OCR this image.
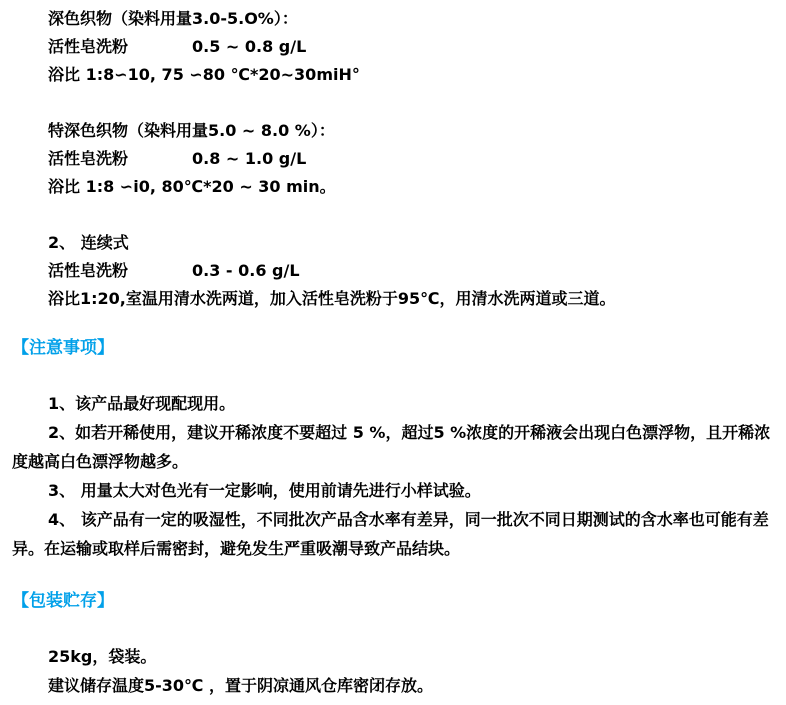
深色织物（染料用量3.0-5.O%）：
活性皂洗粉	0.5 ~ 0.8 g/L
浴比 1:8∽10, 75 ∽80 ℃*20~30miH°
特深色织物（染料用量5.0 ~ 8.0 %）：
活性皂洗粉	0.8 ~ 1.0 g/L
浴比 1:8 ∽i0, 80℃*20 ~ 30 min。
2、 连续式
活性皂洗粉	0.3 - 0.6 g/L
浴比1:20,室温用清水洗两道，加入活性皂洗粉于95℃，用清水洗两道或三道。
【注意事项】
1、该产品最好现配现用。
2、如若开稀使用，建议开稀浓度不要超过 5 %，超过5 %浓度的开稀液会出现白色漂浮物，且开稀浓度越高白色漂浮物越多。
3、 用量太大对色光有一定影响，使用前请先进行小样试验。
4、 该产品有一定的吸湿性，不同批次产品含水率有差异，同一批次不同日期测试的含水率也可能有差异。在运输或取样后需密封，避免发生严重吸潮导致产品结块。
【包装贮存】
25kg，袋装。
建议储存温度5-30℃ ，置于阴凉通风仓库密闭存放。
